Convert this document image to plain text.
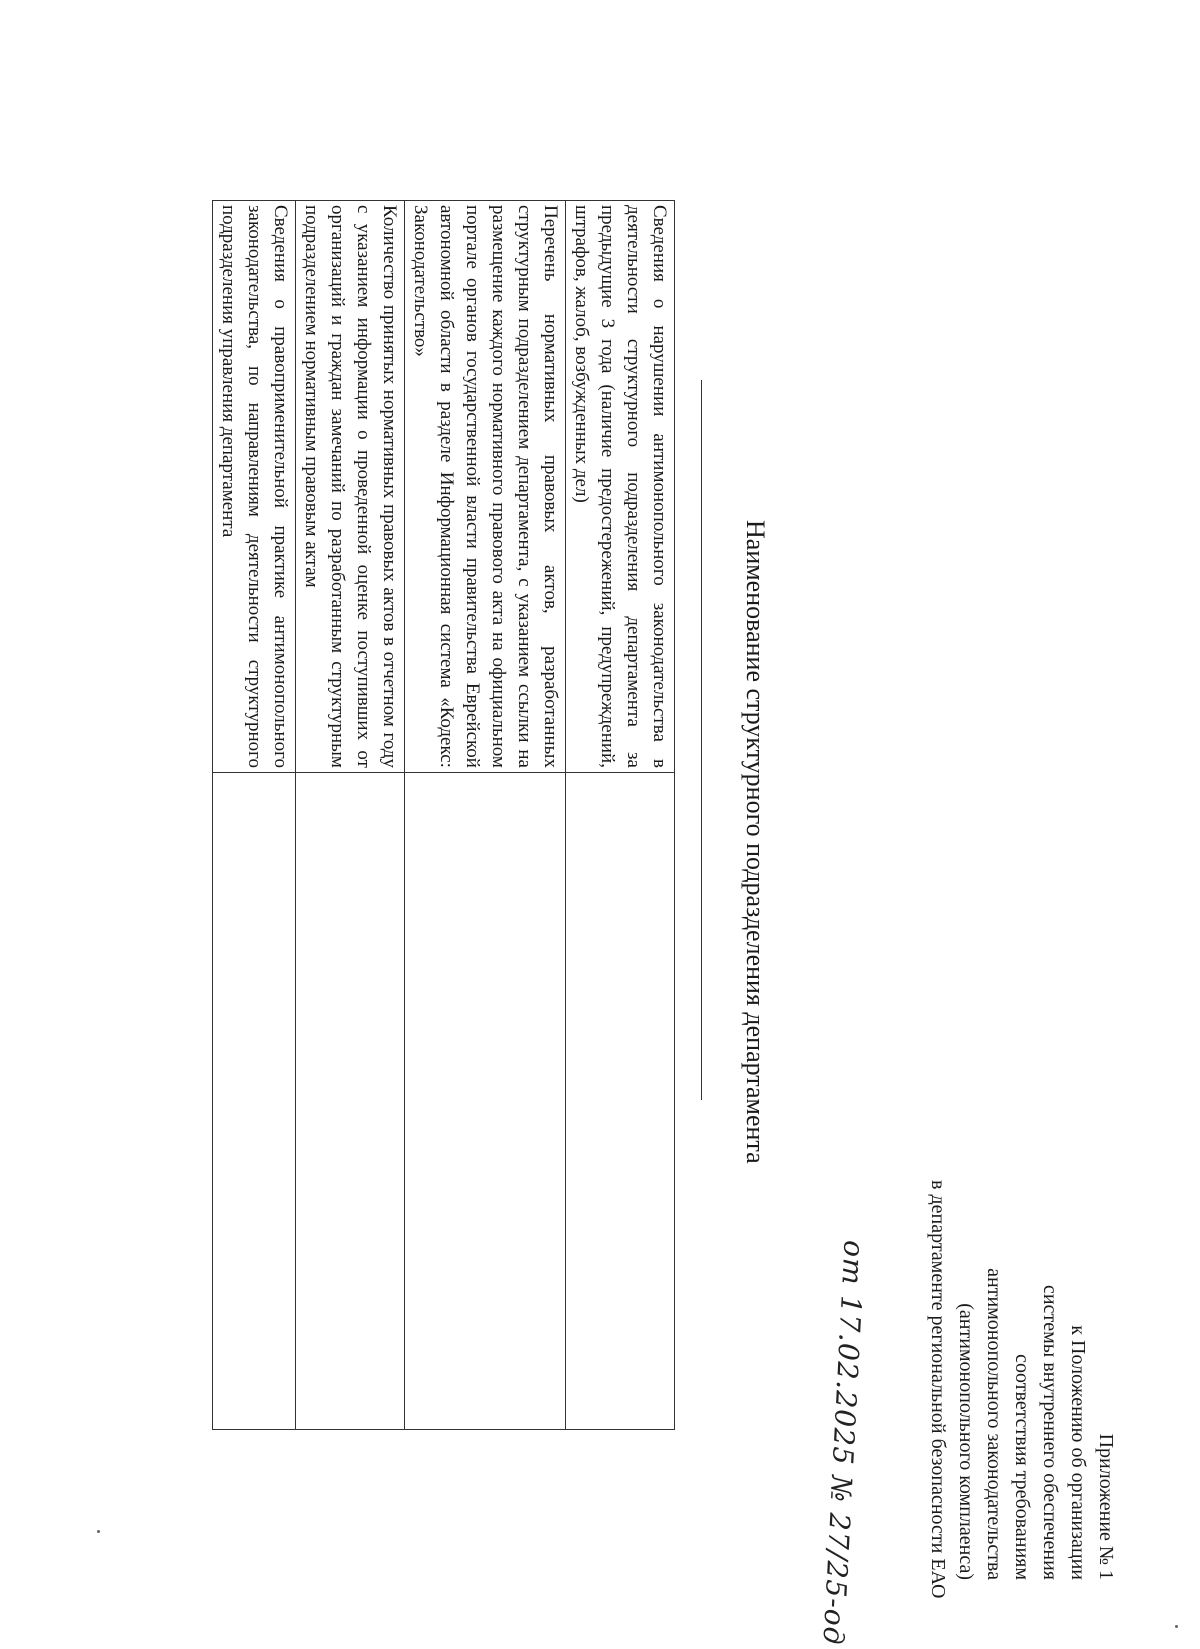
Приложение № 1
к Положению об организации
системы внутреннего обеспечения
соответствия требованиям
антимонопольного законодательства
(антимонопольного комплаенса)
в департаменте региональной безопасности ЕАО
от 17.02.2025 № 27/25-од
Наименование структурного подразделения департамента
Сведения о нарушении антимонопольного законодательства в деятельности структурного подразделения департамента за предыдущие 3 года (наличие предостережений, предупреждений, штрафов, жалоб, возбужденных дел)	
Перечень нормативных правовых актов, разработанных структурным подразделением департамента, с указанием ссылки на размещение каждого нормативного правового акта на официальном портале органов государственной власти правительства Еврейской автономной области в разделе Информационная система «Кодекс: Законодательство»	
Количество принятых нормативных правовых актов в отчетном году с указанием информации о проведенной оценке поступивших от организаций и граждан замечаний по разработанным структурным подразделением нормативным правовым актам	
Сведения о правоприменительной практике антимонопольного законодательства, по направлениям деятельности структурного подразделения управления департамента	
